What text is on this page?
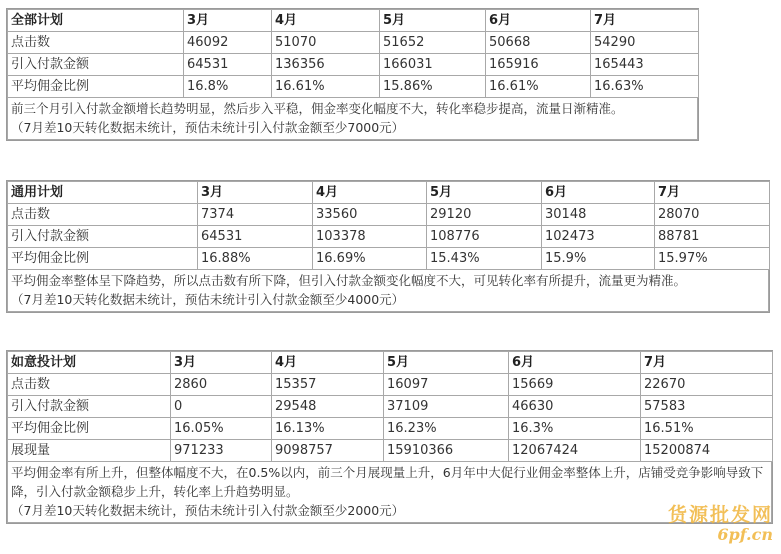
全部计划	3月	4月	5月	6月	7月
点击数	46092	51070	51652	50668	54290
引入付款金额	64531	136356	166031	165916	165443
平均佣金比例	16.8%	16.61%	15.86%	16.61%	16.63%

前三个月引入付款金额增长趋势明显，然后步入平稳，佣金率变化幅度不大，转化率稳步提高，流量日渐精准。

（7月差10天转化数据未统计，预估未统计引入付款金额至少7000元）

通用计划	3月	4月	5月	6月	7月
点击数	7374	33560	29120	30148	28070
引入付款金额	64531	103378	108776	102473	88781
平均佣金比例	16.88%	16.69%	15.43%	15.9%	15.97%

平均佣金率整体呈下降趋势，所以点击数有所下降，但引入付款金额变化幅度不大，可见转化率有所提升，流量更为精准。

（7月差10天转化数据未统计，预估未统计引入付款金额至少4000元）

如意投计划	3月	4月	5月	6月	7月
点击数	2860	15357	16097	15669	22670
引入付款金额	0	29548	37109	46630	57583
平均佣金比例	16.05%	16.13%	16.23%	16.3%	16.51%
展现量	971233	9098757	15910366	12067424	15200874

平均佣金率有所上升，但整体幅度不大，在0.5%以内，前三个月展现量上升，6月年中大促行业佣金率整体上升，店铺受竞争影响导致下降，引入付款金额稳步上升，转化率上升趋势明显。

（7月差10天转化数据未统计，预估未统计引入付款金额至少2000元）	货源批发网
6pf.cn
